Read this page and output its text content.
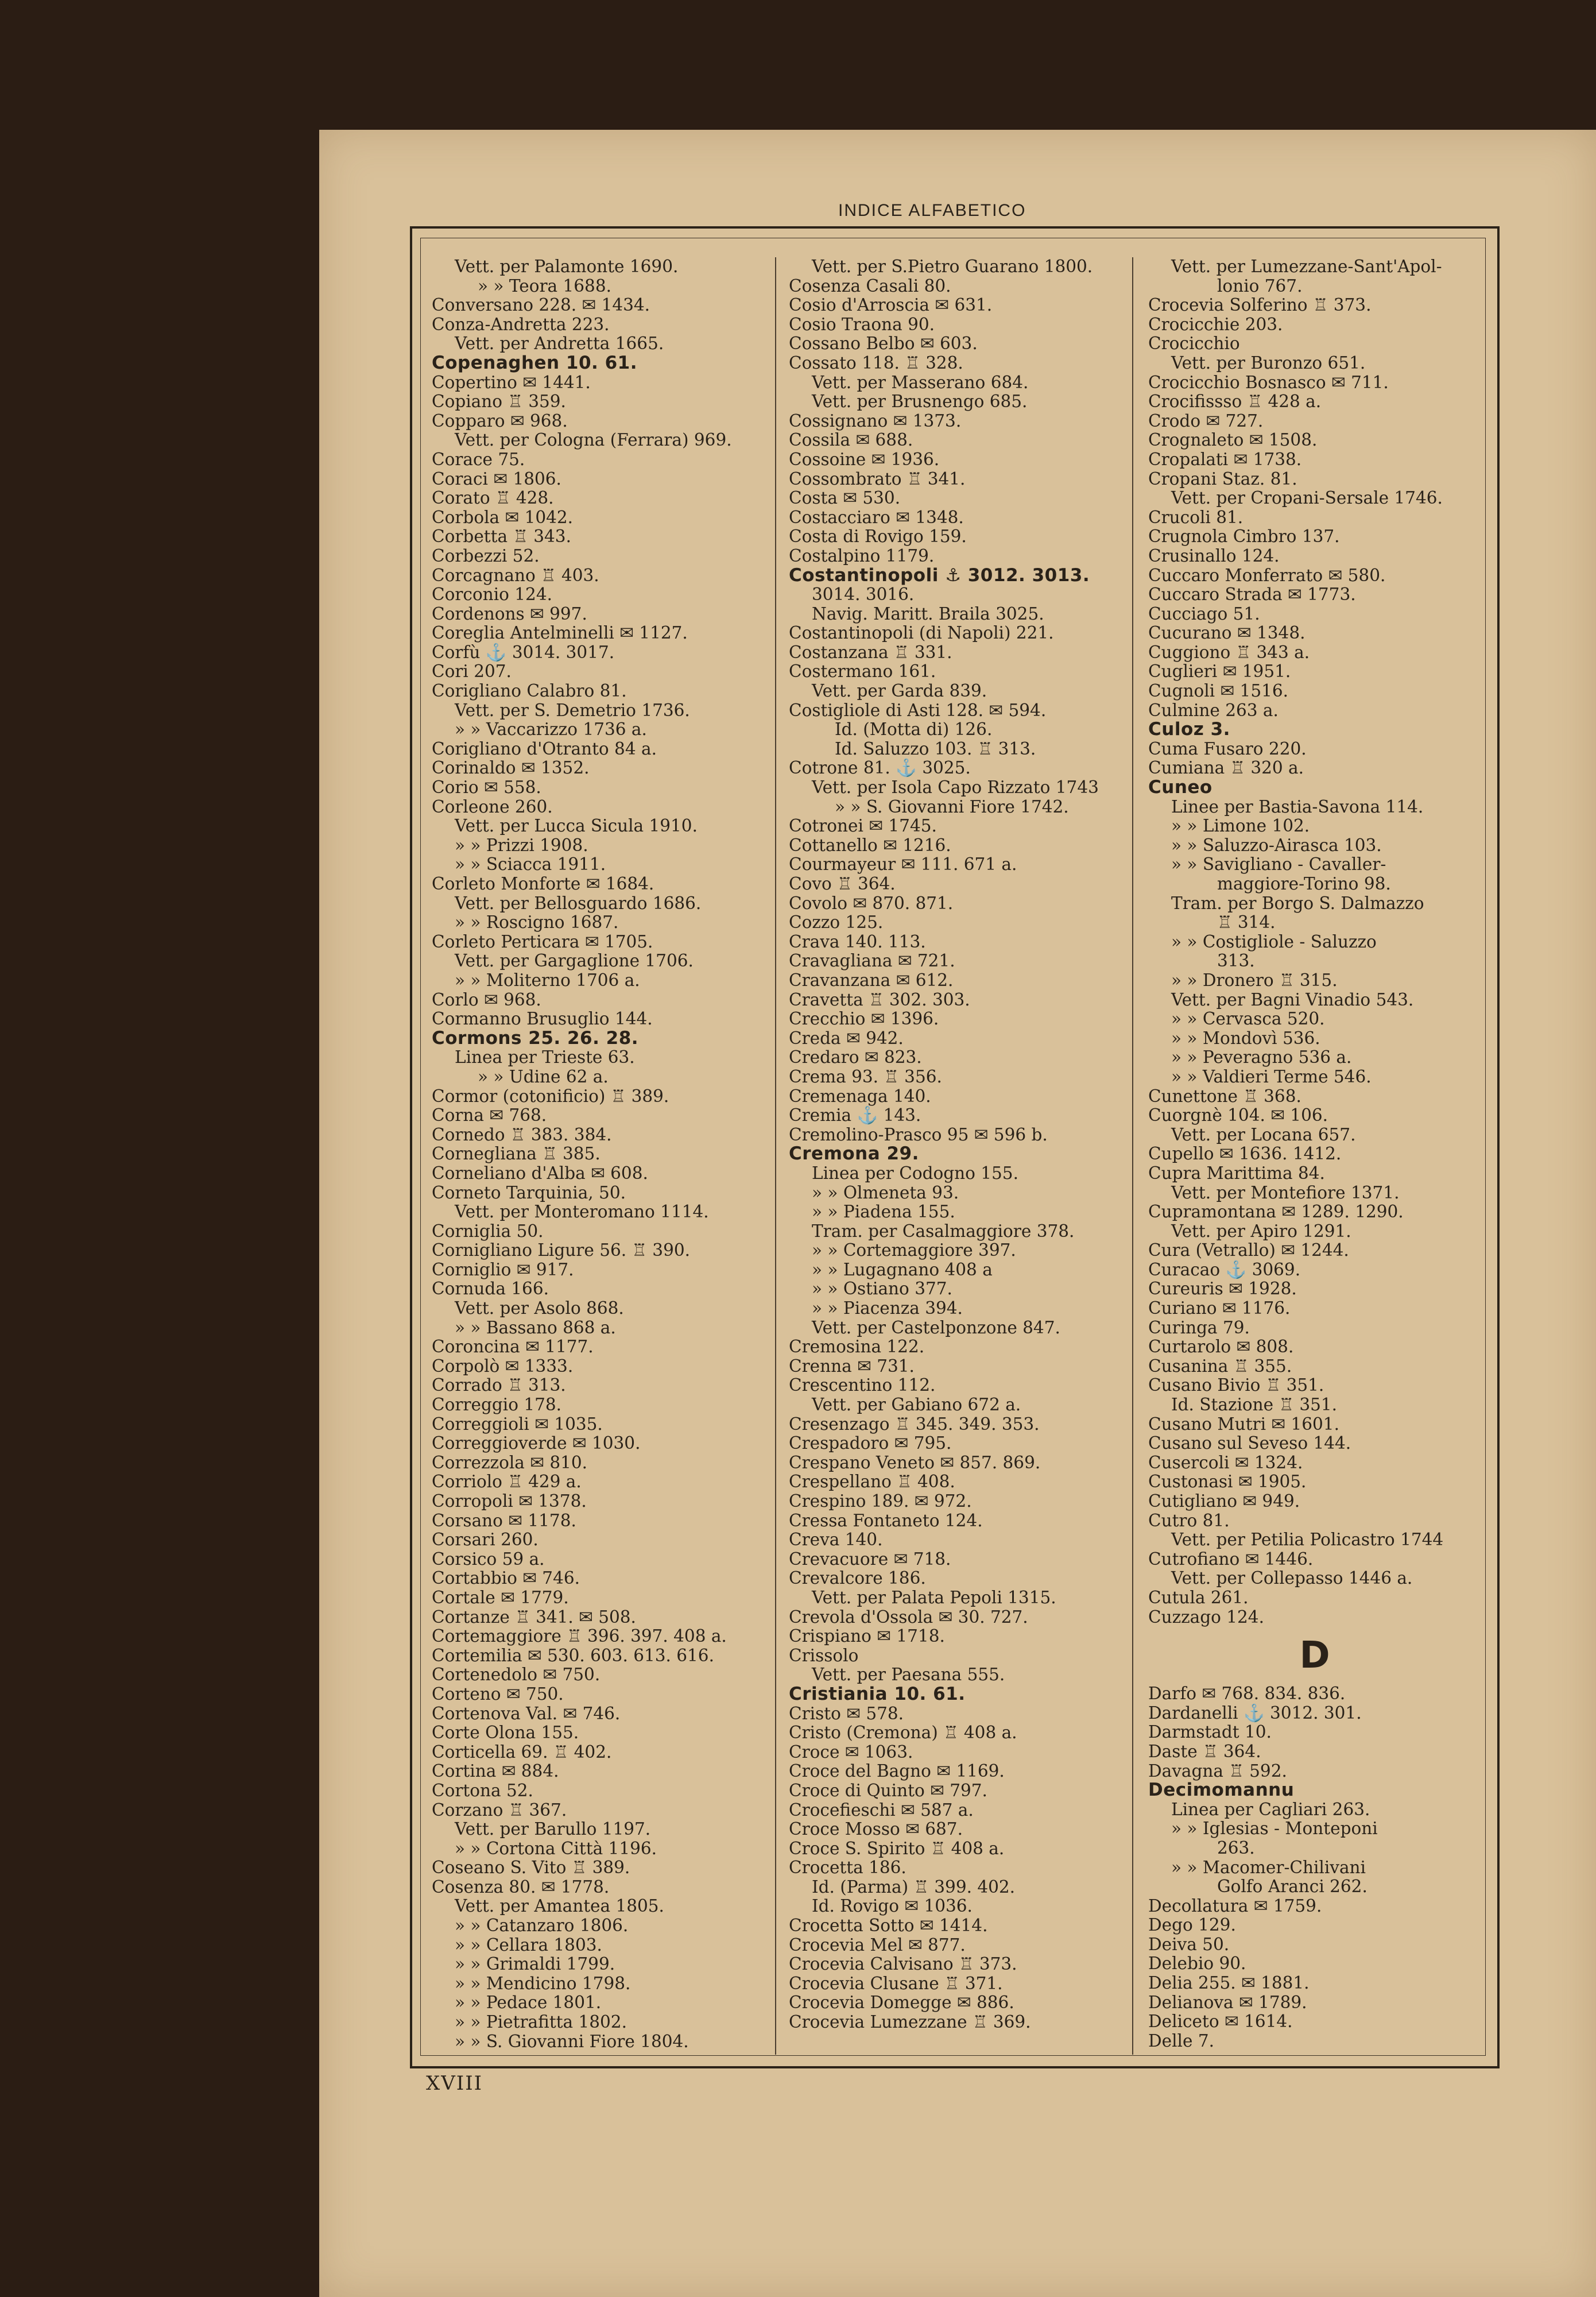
INDICE ALFABETICO
Vett. per Palamonte 1690.
» » Teora 1688.
Conversano 228. ✉ 1434.
Conza-Andretta 223.
Vett. per Andretta 1665.
Copenaghen 10. 61.
Copertino ✉ 1441.
Copiano ♖ 359.
Copparo ✉ 968.
Vett. per Cologna (Ferrara) 969.
Corace 75.
Coraci ✉ 1806.
Corato ♖ 428.
Corbola ✉ 1042.
Corbetta ♖ 343.
Corbezzi 52.
Corcagnano ♖ 403.
Corconio 124.
Cordenons ✉ 997.
Coreglia Antelminelli ✉ 1127.
Corfù ⚓ 3014. 3017.
Cori 207.
Corigliano Calabro 81.
Vett. per S. Demetrio 1736.
» » Vaccarizzo 1736 a.
Corigliano d'Otranto 84 a.
Corinaldo ✉ 1352.
Corio ✉ 558.
Corleone 260.
Vett. per Lucca Sicula 1910.
» » Prizzi 1908.
» » Sciacca 1911.
Corleto Monforte ✉ 1684.
Vett. per Bellosguardo 1686.
» » Roscigno 1687.
Corleto Perticara ✉ 1705.
Vett. per Gargaglione 1706.
» » Moliterno 1706 a.
Corlo ✉ 968.
Cormanno Brusuglio 144.
Cormons 25. 26. 28.
Linea per Trieste 63.
» » Udine 62 a.
Cormor (cotonificio) ♖ 389.
Corna ✉ 768.
Cornedo ♖ 383. 384.
Cornegliana ♖ 385.
Corneliano d'Alba ✉ 608.
Corneto Tarquinia, 50.
Vett. per Monteromano 1114.
Corniglia 50.
Cornigliano Ligure 56. ♖ 390.
Corniglio ✉ 917.
Cornuda 166.
Vett. per Asolo 868.
» » Bassano 868 a.
Coroncina ✉ 1177.
Corpolò ✉ 1333.
Corrado ♖ 313.
Correggio 178.
Correggioli ✉ 1035.
Correggioverde ✉ 1030.
Correzzola ✉ 810.
Corriolo ♖ 429 a.
Corropoli ✉ 1378.
Corsano ✉ 1178.
Corsari 260.
Corsico 59 a.
Cortabbio ✉ 746.
Cortale ✉ 1779.
Cortanze ♖ 341. ✉ 508.
Cortemaggiore ♖ 396. 397. 408 a.
Cortemilia ✉ 530. 603. 613. 616.
Cortenedolo ✉ 750.
Corteno ✉ 750.
Cortenova Val. ✉ 746.
Corte Olona 155.
Corticella 69. ♖ 402.
Cortina ✉ 884.
Cortona 52.
Corzano ♖ 367.
Vett. per Barullo 1197.
» » Cortona Città 1196.
Coseano S. Vito ♖ 389.
Cosenza 80. ✉ 1778.
Vett. per Amantea 1805.
» » Catanzaro 1806.
» » Cellara 1803.
» » Grimaldi 1799.
» » Mendicino 1798.
» » Pedace 1801.
» » Pietrafitta 1802.
» » S. Giovanni Fiore 1804.
Vett. per S.Pietro Guarano 1800.
Cosenza Casali 80.
Cosio d'Arroscia ✉ 631.
Cosio Traona 90.
Cossano Belbo ✉ 603.
Cossato 118. ♖ 328.
Vett. per Masserano 684.
Vett. per Brusnengo 685.
Cossignano ✉ 1373.
Cossila ✉ 688.
Cossoine ✉ 1936.
Cossombrato ♖ 341.
Costa ✉ 530.
Costacciaro ✉ 1348.
Costa di Rovigo 159.
Costalpino 1179.
Costantinopoli ⚓ 3012. 3013.
3014. 3016.
Navig. Maritt. Braila 3025.
Costantinopoli (di Napoli) 221.
Costanzana ♖ 331.
Costermano 161.
Vett. per Garda 839.
Costigliole di Asti 128. ✉ 594.
Id. (Motta di) 126.
Id. Saluzzo 103. ♖ 313.
Cotrone 81. ⚓ 3025.
Vett. per Isola Capo Rizzato 1743
» » S. Giovanni Fiore 1742.
Cotronei ✉ 1745.
Cottanello ✉ 1216.
Courmayeur ✉ 111. 671 a.
Covo ♖ 364.
Covolo ✉ 870. 871.
Cozzo 125.
Crava 140. 113.
Cravagliana ✉ 721.
Cravanzana ✉ 612.
Cravetta ♖ 302. 303.
Crecchio ✉ 1396.
Creda ✉ 942.
Credaro ✉ 823.
Crema 93. ♖ 356.
Cremenaga 140.
Cremia ⚓ 143.
Cremolino-Prasco 95 ✉ 596 b.
Cremona 29.
Linea per Codogno 155.
» » Olmeneta 93.
» » Piadena 155.
Tram. per Casalmaggiore 378.
» » Cortemaggiore 397.
» » Lugagnano 408 a
» » Ostiano 377.
» » Piacenza 394.
Vett. per Castelponzone 847.
Cremosina 122.
Crenna ✉ 731.
Crescentino 112.
Vett. per Gabiano 672 a.
Cresenzago ♖ 345. 349. 353.
Crespadoro ✉ 795.
Crespano Veneto ✉ 857. 869.
Crespellano ♖ 408.
Crespino 189. ✉ 972.
Cressa Fontaneto 124.
Creva 140.
Crevacuore ✉ 718.
Crevalcore 186.
Vett. per Palata Pepoli 1315.
Crevola d'Ossola ✉ 30. 727.
Crispiano ✉ 1718.
Crissolo
Vett. per Paesana 555.
Cristiania 10. 61.
Cristo ✉ 578.
Cristo (Cremona) ♖ 408 a.
Croce ✉ 1063.
Croce del Bagno ✉ 1169.
Croce di Quinto ✉ 797.
Crocefieschi ✉ 587 a.
Croce Mosso ✉ 687.
Croce S. Spirito ♖ 408 a.
Crocetta 186.
Id. (Parma) ♖ 399. 402.
Id. Rovigo ✉ 1036.
Crocetta Sotto ✉ 1414.
Crocevia Mel ✉ 877.
Crocevia Calvisano ♖ 373.
Crocevia Clusane ♖ 371.
Crocevia Domegge ✉ 886.
Crocevia Lumezzane ♖ 369.
Vett. per Lumezzane-Sant'Apol-
lonio 767.
Crocevia Solferino ♖ 373.
Crocicchie 203.
Crocicchio
Vett. per Buronzo 651.
Crocicchio Bosnasco ✉ 711.
Crocifissso ♖ 428 a.
Crodo ✉ 727.
Crognaleto ✉ 1508.
Cropalati ✉ 1738.
Cropani Staz. 81.
Vett. per Cropani-Sersale 1746.
Crucoli 81.
Crugnola Cimbro 137.
Crusinallo 124.
Cuccaro Monferrato ✉ 580.
Cuccaro Strada ✉ 1773.
Cucciago 51.
Cucurano ✉ 1348.
Cuggiono ♖ 343 a.
Cuglieri ✉ 1951.
Cugnoli ✉ 1516.
Culmine 263 a.
Culoz 3.
Cuma Fusaro 220.
Cumiana ♖ 320 a.
Cuneo
Linee per Bastia-Savona 114.
» » Limone 102.
» » Saluzzo-Airasca 103.
» » Savigliano - Cavaller-
maggiore-Torino 98.
Tram. per Borgo S. Dalmazzo
♖ 314.
» » Costigliole - Saluzzo
313.
» » Dronero ♖ 315.
Vett. per Bagni Vinadio 543.
» » Cervasca 520.
» » Mondovì 536.
» » Peveragno 536 a.
» » Valdieri Terme 546.
Cunettone ♖ 368.
Cuorgnè 104. ✉ 106.
Vett. per Locana 657.
Cupello ✉ 1636. 1412.
Cupra Marittima 84.
Vett. per Montefiore 1371.
Cupramontana ✉ 1289. 1290.
Vett. per Apiro 1291.
Cura (Vetrallo) ✉ 1244.
Curacao ⚓ 3069.
Cureuris ✉ 1928.
Curiano ✉ 1176.
Curinga 79.
Curtarolo ✉ 808.
Cusanina ♖ 355.
Cusano Bivio ♖ 351.
Id. Stazione ♖ 351.
Cusano Mutri ✉ 1601.
Cusano sul Seveso 144.
Cusercoli ✉ 1324.
Custonasi ✉ 1905.
Cutigliano ✉ 949.
Cutro 81.
Vett. per Petilia Policastro 1744
Cutrofiano ✉ 1446.
Vett. per Collepasso 1446 a.
Cutula 261.
Cuzzago 124.
D
Darfo ✉ 768. 834. 836.
Dardanelli ⚓ 3012. 301.
Darmstadt 10.
Daste ♖ 364.
Davagna ♖ 592.
Decimomannu
Linea per Cagliari 263.
» » Iglesias - Monteponi
263.
» » Macomer-Chilivani
Golfo Aranci 262.
Decollatura ✉ 1759.
Dego 129.
Deiva 50.
Delebio 90.
Delia 255. ✉ 1881.
Delianova ✉ 1789.
Deliceto ✉ 1614.
Delle 7.
XVIII
